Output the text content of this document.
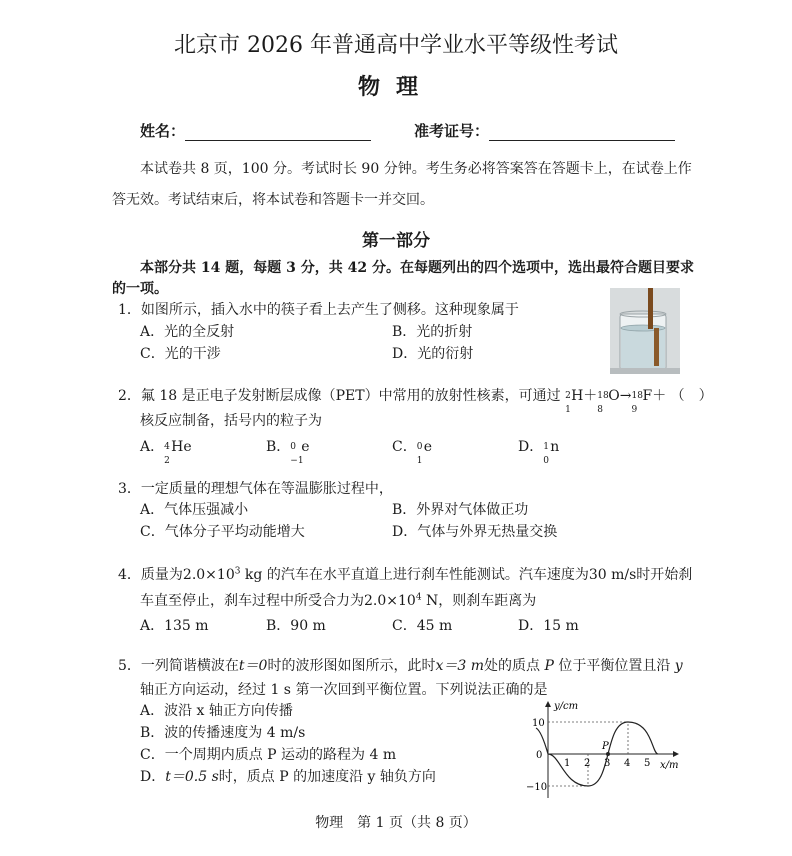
北京市 2026 年普通高中学业水平等级性考试
物理
姓名：	准考证号：
本试卷共 8 页，100 分。考试时长 90 分钟。考生务必将答案答在答题卡上，在试卷上作
答无效。考试结束后，将本试卷和答题卡一并交回。
第一部分
本部分共 14 题，每题 3 分，共 42 分。在每题列出的四个选项中，选出最符合题目要求
的一项。
1．如图所示，插入水中的筷子看上去产生了侧移。这种现象属于
A．光的全反射	B．光的折射
C．光的干涉	D．光的衍射
2．氟 18 是正电子发射断层成像（PET）中常用的放射性核素，可通过 2
1
H＋ 18
8
O→ 18
9
F＋ （　）
核反应制备，括号内的粒子为
A． 4
2
He	B． 0
−1
e	C． 0
1
e	D． 1
0
n
3．一定质量的理想气体在等温膨胀过程中，
A．气体压强减小	B．外界对气体做正功
C．气体分子平均动能增大	D．气体与外界无热量交换
4．质量为$2.0\times 10^3$ kg 的汽车在水平直道上进行刹车性能测试。汽车速度为30 m/s时开始刹
车直至停止，刹车过程中所受合力为$2.0\times 10^4$ N，则刹车距离为
A．135 m	B．90 m	C．45 m	D．15 m
5．一列简谐横波在t＝0时的波形图如图所示，此时x＝3 m处的质点 P 位于平衡位置且沿 y
轴正方向运动，经过 1 s 第一次回到平衡位置。下列说法正确的是
A．波沿 x 轴正方向传播
B．波的传播速度为 4 m/s
C．一个周期内质点 P 运动的路程为 4 m
D．t＝0.5 s时，质点 P 的加速度沿 y 轴负方向
P
y/cm
x/m
0
10
−10
1 2 3 4 5
物理　第 1 页（共 8 页）
